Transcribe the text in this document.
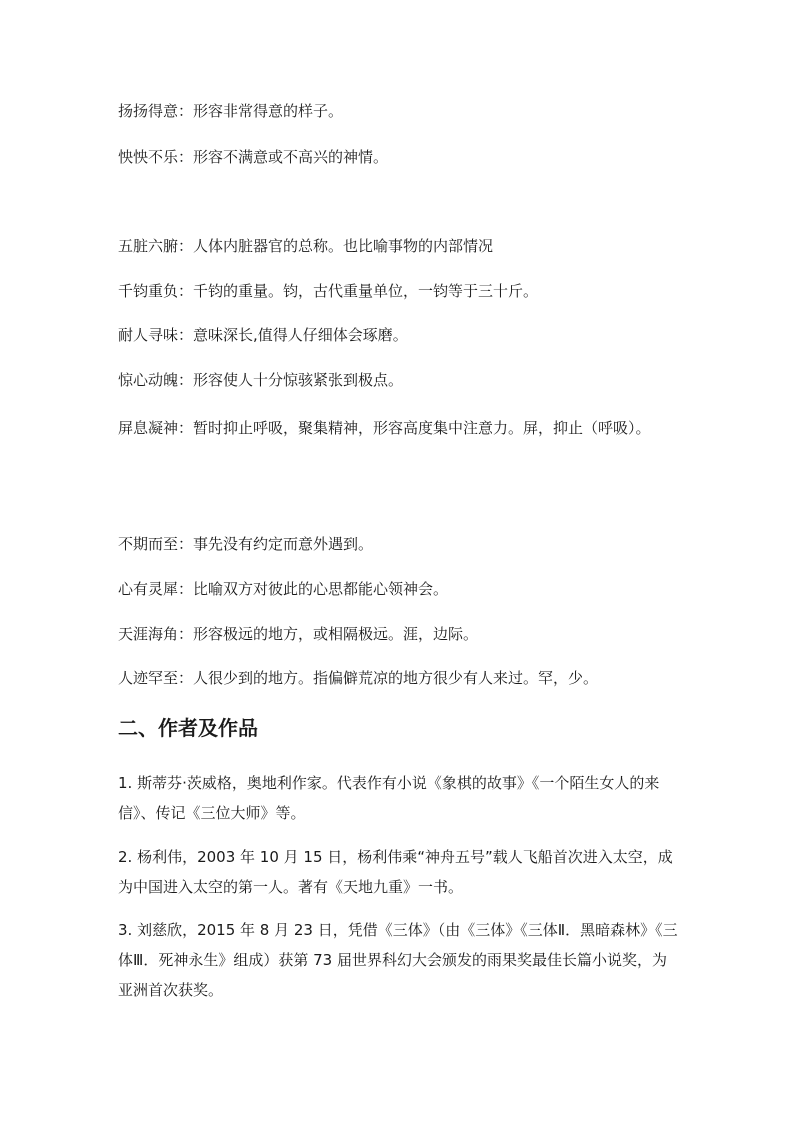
扬扬得意：形容非常得意的样子。

怏怏不乐：形容不满意或不高兴的神情。

五脏六腑：人体内脏器官的总称。也比喻事物的内部情况

千钧重负：千钧的重量。钧，古代重量单位，一钧等于三十斤。

耐人寻味：意味深长,值得人仔细体会琢磨。

惊心动魄：形容使人十分惊骇紧张到极点。

屏息凝神：暂时抑止呼吸，聚集精神，形容高度集中注意力。屏，抑止（呼吸）。

不期而至：事先没有约定而意外遇到。

心有灵犀：比喻双方对彼此的心思都能心领神会。

天涯海角：形容极远的地方，或相隔极远。涯，边际。

人迹罕至：人很少到的地方。指偏僻荒凉的地方很少有人来过。罕，少。

二、作者及作品

1. 斯蒂芬·茨威格，奥地利作家。代表作有小说《象棋的故事》《一个陌生女人的来信》、传记《三位大师》等。

2. 杨利伟，2003 年 10 月 15 日，杨利伟乘“神舟五号”载人飞船首次进入太空，成为中国进入太空的第一人。著有《天地九重》一书。

3. 刘慈欣，2015 年 8 月 23 日，凭借《三体》（由《三体》《三体Ⅱ．黑暗森林》《三体Ⅲ．死神永生》组成）获第 73 届世界科幻大会颁发的雨果奖最佳长篇小说奖，为亚洲首次获奖。
